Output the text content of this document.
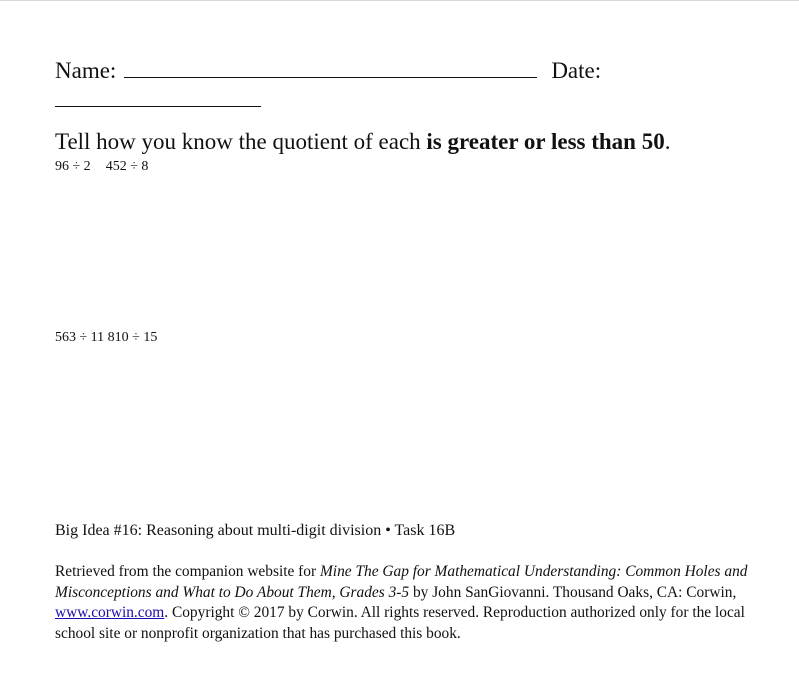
Name:	Date:
Tell how you know the quotient of each is greater or less than 50.
96 ÷ 2 452 ÷ 8
563 ÷ 11 810 ÷ 15
Big Idea #16: Reasoning about multi-digit division • Task 16B
Retrieved from the companion website for Mine The Gap for Mathematical Understanding: Common Holes and Misconceptions and What to Do About Them, Grades 3-5 by John SanGiovanni. Thousand Oaks, CA: Corwin, www.corwin.com. Copyright © 2017 by Corwin. All rights reserved. Reproduction authorized only for the local school site or nonprofit organization that has purchased this book.
